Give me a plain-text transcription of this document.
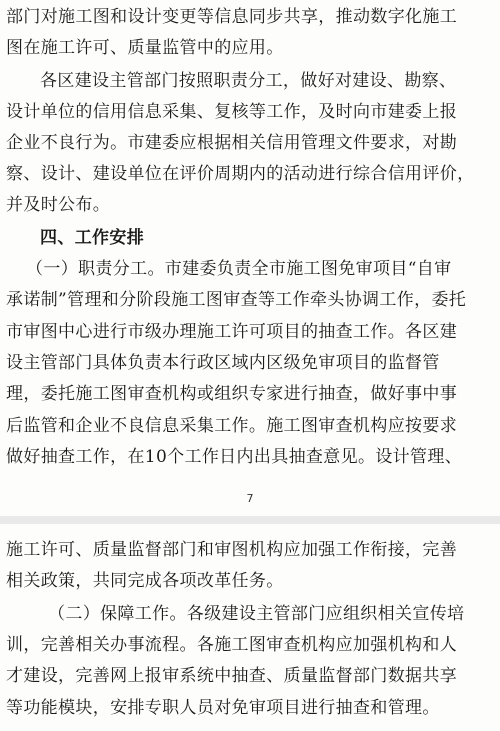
部门对施工图和设计变更等信息同步共享，推动数字化施工
图在施工许可、质量监管中的应用。
各区建设主管部门按照职责分工，做好对建设、勘察、
设计单位的信用信息采集、复核等工作，及时向市建委上报
企业不良行为。市建委应根据相关信用管理文件要求，对勘
察、设计、建设单位在评价周期内的活动进行综合信用评价，
并及时公布。
四、工作安排
（一）职责分工。市建委负责全市施工图免审项目“自审
承诺制”管理和分阶段施工图审查等工作牵头协调工作，委托
市审图中心进行市级办理施工许可项目的抽查工作。各区建
设主管部门具体负责本行政区域内区级免审项目的监督管
理，委托施工图审查机构或组织专家进行抽查，做好事中事
后监管和企业不良信息采集工作。施工图审查机构应按要求
做好抽查工作，在10个工作日内出具抽查意见。设计管理、
7
施工许可、质量监督部门和审图机构应加强工作衔接，完善
相关政策，共同完成各项改革任务。
（二）保障工作。各级建设主管部门应组织相关宣传培
训，完善相关办事流程。各施工图审查机构应加强机构和人
才建设，完善网上报审系统中抽查、质量监督部门数据共享
等功能模块，安排专职人员对免审项目进行抽查和管理。
